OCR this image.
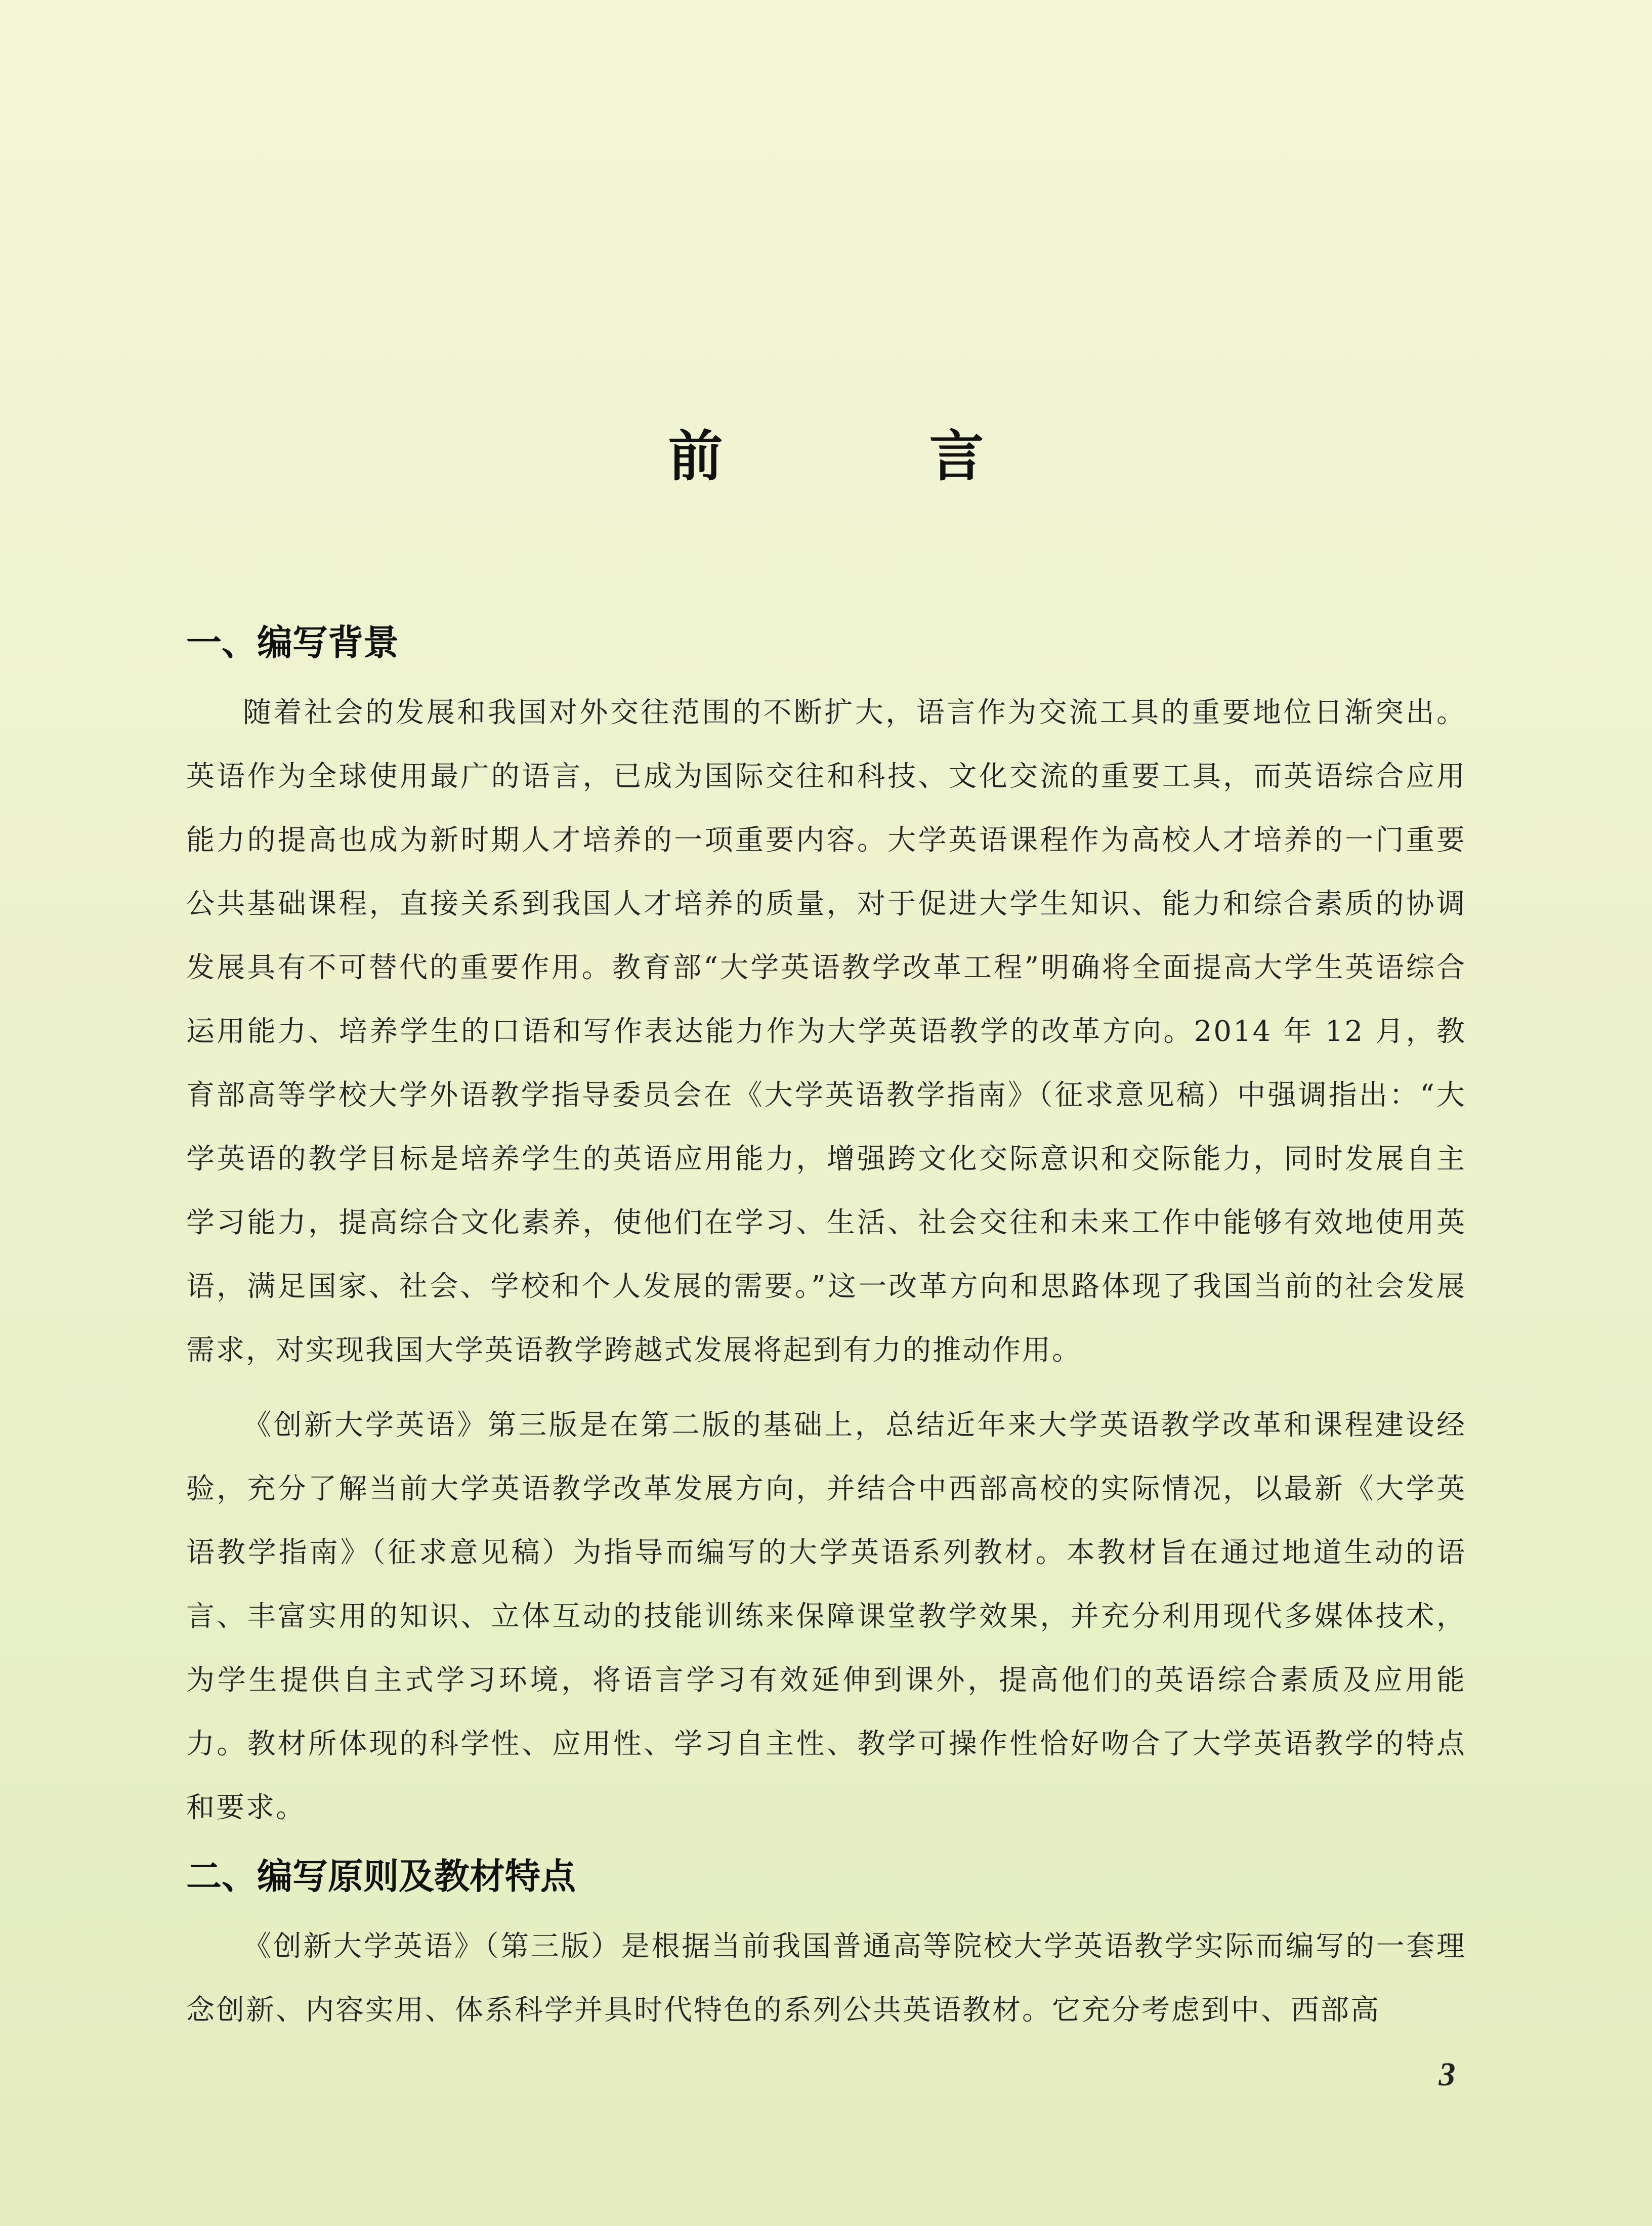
前　言
一、编写背景

随着社会的发展和我国对外交往范围的不断扩大，语言作为交流工具的重要地位日渐突出。英语作为全球使用最广的语言，已成为国际交往和科技、文化交流的重要工具，而英语综合应用能力的提高也成为新时期人才培养的一项重要内容。大学英语课程作为高校人才培养的一门重要公共基础课程，直接关系到我国人才培养的质量，对于促进大学生知识、能力和综合素质的协调发展具有不可替代的重要作用。教育部“大学英语教学改革工程”明确将全面提高大学生英语综合运用能力、培养学生的口语和写作表达能力作为大学英语教学的改革方向。2014 年 12 月，教育部高等学校大学外语教学指导委员会在《大学英语教学指南》（征求意见稿）中强调指出：“大学英语的教学目标是培养学生的英语应用能力，增强跨文化交际意识和交际能力，同时发展自主学习能力，提高综合文化素养，使他们在学习、生活、社会交往和未来工作中能够有效地使用英语，满足国家、社会、学校和个人发展的需要。”这一改革方向和思路体现了我国当前的社会发展需求，对实现我国大学英语教学跨越式发展将起到有力的推动作用。

《创新大学英语》第三版是在第二版的基础上，总结近年来大学英语教学改革和课程建设经验，充分了解当前大学英语教学改革发展方向，并结合中西部高校的实际情况，以最新《大学英语教学指南》（征求意见稿）为指导而编写的大学英语系列教材。本教材旨在通过地道生动的语言、丰富实用的知识、立体互动的技能训练来保障课堂教学效果，并充分利用现代多媒体技术，为学生提供自主式学习环境，将语言学习有效延伸到课外，提高他们的英语综合素质及应用能力。教材所体现的科学性、应用性、学习自主性、教学可操作性恰好吻合了大学英语教学的特点和要求。

二、编写原则及教材特点

《创新大学英语》（第三版）是根据当前我国普通高等院校大学英语教学实际而编写的一套理念创新、内容实用、体系科学并具时代特色的系列公共英语教材。它充分考虑到中、西部高

3
